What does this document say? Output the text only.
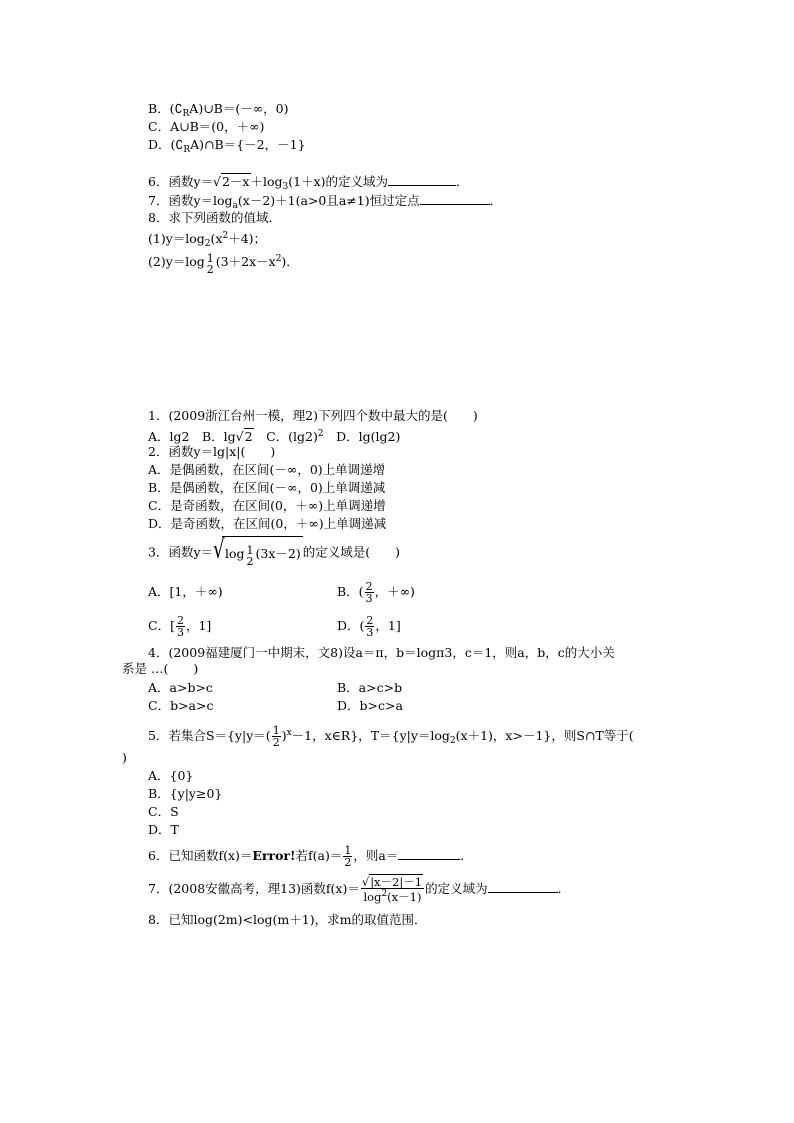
B．$(∁_RA)\cup B=(-\infty$，0)
C．A∪B＝(0，＋∞)
D．$(∁_RA)\cap B=\{-2$，－1}
6．函数$y=√2-x+\log_3(1+x)$的定义域为	．
7．函数$y=\log_a(x-2)+1(a>0$且a≠1)恒过定点	．
8．求下列函数的值域．
$(1)y=\log_2(x^2+4)$；
(2)y＝log 1
2
$(3+2x-x^2)$．
1．(2009浙江台州一模，理2)下列四个数中最大的是(　　)
A．lg2　B．lg√2　C．$(\lg 2)^2$　D．lg(lg2)
2．函数y＝lg|x|(　　)
A．是偶函数，在区间(－∞，0)上单调递增
B．是偶函数，在区间(－∞，0)上单调递减
C．是奇函数，在区间(0，＋∞)上单调递增
D．是奇函数，在区间(0，＋∞)上单调递减
3．函数y＝ √ log 1
2
(3x－2) 的定义域是(　　)
A．[1，＋∞)	B．( $\frac{2}{3}$ ，＋∞)
C．[ $\frac{2}{3}$ ，1]	D．( $\frac{2}{3}$ ，1]
4．(2009福建厦门一中期末，文8)设a＝π，b＝logπ3，c＝1，则a，b，c的大小关
系是 …(　　)
A．a>b>c	B．a>c>b
C．b>a>c	D．b>c>a
5．若集合$S=\{y|y=( \frac{1}{2} )^x-1$，x∈R}，$T=\{y|y=\log_2(x+1)$，x>－1}，则S∩T等于(
)
A．{0}
B．{y|y≥0}
C．S
D．T
6．已知函数f(x)＝Error!若$f(a)= \frac{1}{2}$ ，则a＝	．
7．(2008安徽高考，理13)函数$f(x)= \frac{√|x-2|-1}{\log^2(x-1)}$ 的定义域为	．
8．已知log(2m)<log(m＋1)，求m的取值范围．
